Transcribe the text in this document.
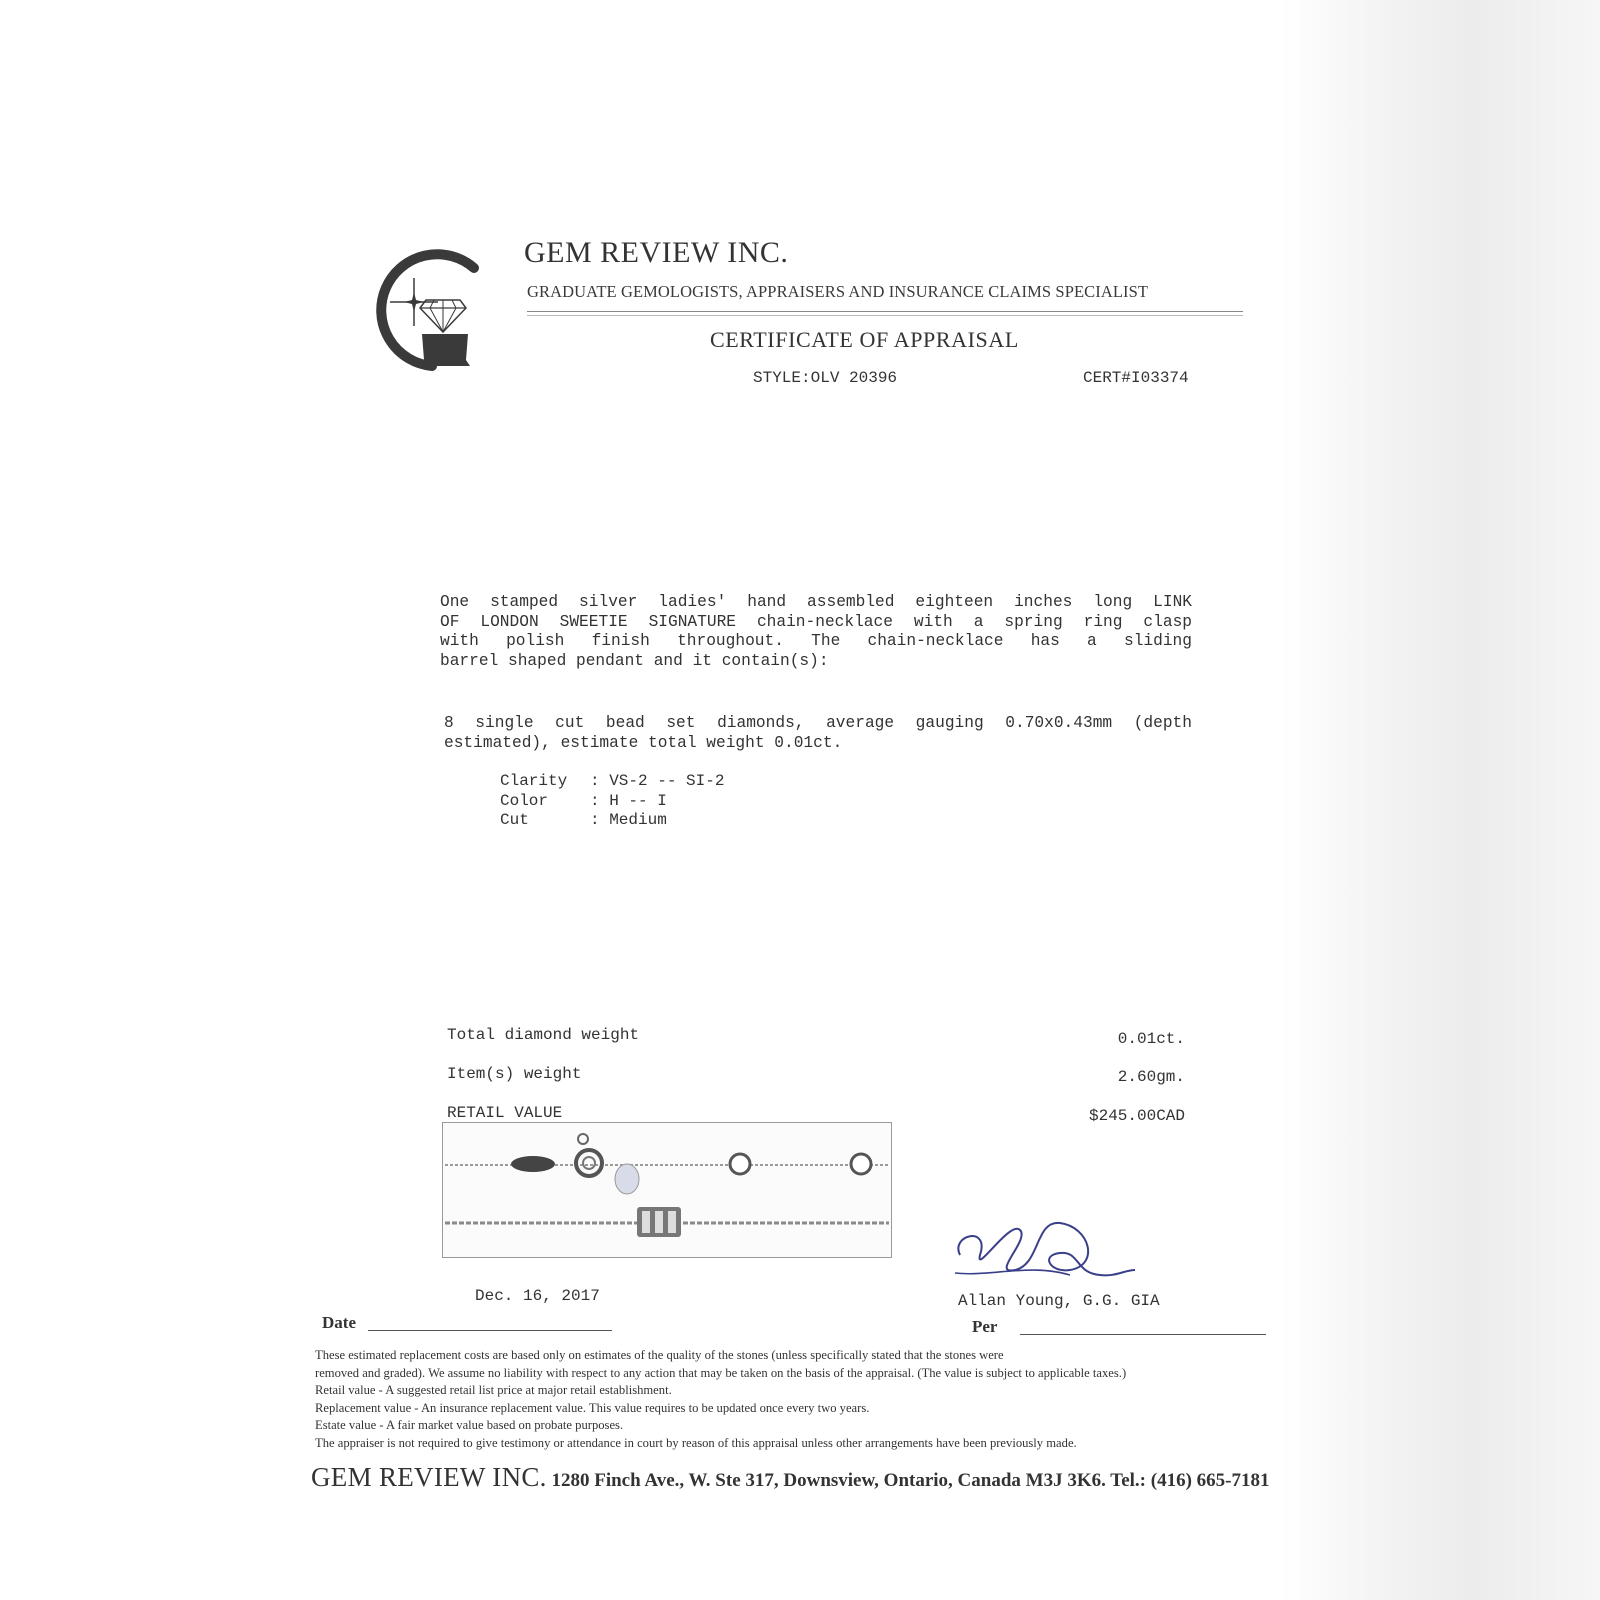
GEM REVIEW INC.
GRADUATE GEMOLOGISTS, APPRAISERS AND INSURANCE CLAIMS SPECIALIST
CERTIFICATE OF APPRAISAL
STYLE:OLV 20396	CERT#I03374
One stamped silver ladies' hand assembled eighteen inches long LINK
OF LONDON SWEETIE SIGNATURE chain-necklace with a spring ring clasp
with polish finish throughout. The chain-necklace has a sliding
barrel shaped pendant and it contain(s):
8 single cut bead set diamonds, average gauging 0.70x0.43mm (depth
estimated), estimate total weight 0.01ct.
Clarity	: VS-2 -- SI-2
Color	: H -- I
Cut	: Medium
Total diamond weight	0.01ct.
Item(s) weight	2.60gm.
RETAIL VALUE	$245.00CAD
Dec. 16, 2017	Allan Young, G.G. GIA
Date	Per
These estimated replacement costs are based only on estimates of the quality of the stones (unless specifically stated that the stones were
removed and graded). We assume no liability with respect to any action that may be taken on the basis of the appraisal. (The value is subject to applicable taxes.)
Retail value - A suggested retail list price at major retail establishment.
Replacement value - An insurance replacement value. This value requires to be updated once every two years.
Estate value - A fair market value based on probate purposes.
The appraiser is not required to give testimony or attendance in court by reason of this appraisal unless other arrangements have been previously made.
GEM REVIEW INC. 1280 Finch Ave., W. Ste 317, Downsview, Ontario, Canada M3J 3K6. Tel.: (416) 665-7181
